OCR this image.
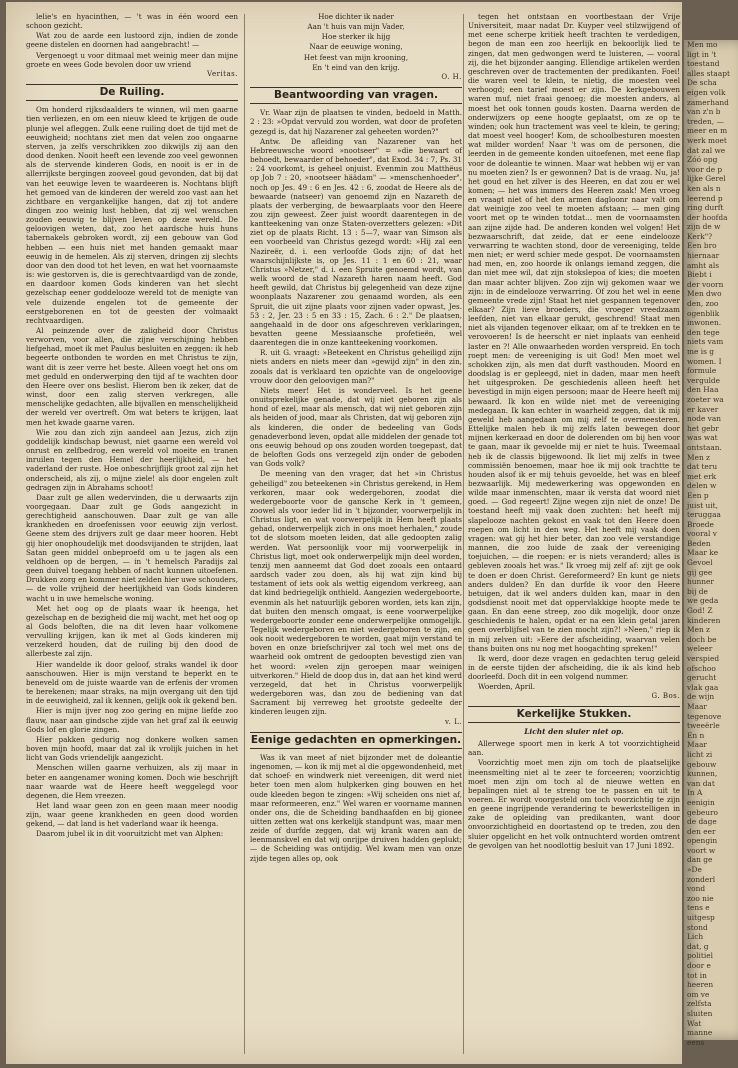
lelie's en hyacinthen, — 't was in één woord een schoon gezicht.

Wat zou de aarde een lustoord zijn, indien de zonde geene distelen en doornen had aangebracht! —

Vergenoegt u voor ditmaal met weinig meer dan mijne groete en wees Gode bevolen door uw vriend

Veritas.
De Ruiling.

Om honderd rijksdaalders te winnen, wil men gaarne tien verliezen, en om een nieuw kleed te krijgen de oude plunje wel afleggen. Zulk eene ruiling doet de tijd met de eeuwigheid; nochtans ziet men dat velen zoo ongaarne sterven, ja zelfs verschrikken zoo dikwijls zij aan den dood denken. Nooit heeft een levende zoo veel gewonnen als de stervende kinderen Gods, en nooit is er in de allerrijkste bergingen zooveel goud gevonden, dat bij dat van het eeuwige leven te waardeeren is. Nochtans blijft het gemoed van de kinderen der wereld zoo vast aan het zichtbare en vergankelijke hangen, dat zij tot andere dingen zoo weinig lust hebben, dat zij wel wenschen zouden eeuwig te blijven leven op deze wereld. De geloovigen weten, dat, zoo het aardsche huis huns tabernakels gebroken wordt, zij een gebouw van God hebben — een huis niet met handen gemaakt maar eeuwig in de hemelen. Als zij sterven, dringen zij slechts door van den dood tot het leven, en wat het voornaamste is: wie gestorven is, die is gerechtvaardigd van de zonde, en daardoor komen Gods kinderen van het slecht gezelschap eener goddelooze wereld tot de menigte van vele duizende engelen tot de gemeente der eerstgeborenen en tot de geesten der volmaakt rechtvaardigen.

Al peinzende over de zaligheid door Christus verworven, voor allen, die zijne verschijning hebben liefgehad, moet ik met Paulus besluiten en zeggen: ik heb begeerte ontbonden te worden en met Christus te zijn, want dit is zeer verre het beste. Alleen voegt het ons om met geduld en onderwerping den tijd af te wachten door den Heere over ons beslist. Hierom ben ik zeker, dat de winst, door een zalig sterven verkregen, alle menschelijke gedachten, alle bijvallen en menschelijkheid der wereld ver overtreft. Om wat beters te krijgen, laat men het kwade gaarne varen.

Wie zou dan zich zijn aandeel aan Jezus, zich zijn goddelijk kindschap bewust, niet gaarne een wereld vol onrust en zelfbedrog, een wereld vol moeite en tranen inruilen tegen den Hemel der heerlijkheid, — het vaderland der ruste. Hoe onbeschrijflijk groot zal zijn het onderscheid, als zij, o mijne ziele! als door engelen zult gedragen zijn in Abrahams schoot!

Daar zult ge allen wedervinden, die u derwaarts zijn voorgegaan. Daar zult ge Gods aangezicht in gerechtigheid aanschouwen. Daar zult ge van alle krankheden en droefenissen voor eeuwig zijn verlost. Geene stem des drijvers zult ge daar meer hooren. Hebt gij hier onophoudelijk met doodsvijanden te strijden, laat Satan geen middel onbeproefd om u te jagen als een veldhoen op de bergen, — in 't hemelsch Paradijs zal geen duivel toegang hebben of nacht kunnen uitoefenen. Drukken zorg en kommer niet zelden hier uwe schouders, — de volle vrijheid der heerlijkheid van Gods kinderen wacht u in uwe hemelsche woning.

Met het oog op de plaats waar ik heenga, het gezelschap en de bezigheid die mij wacht, met het oog op al Gods beloften, die na dit leven haar volkomene vervulling krijgen, kan ik met al Gods kinderen mij verzekerd houden, dat de ruiling bij den dood de allerbeste zal zijn.

Hier wandelde ik door geloof, straks wandel ik door aanschouwen. Hier is mijn verstand te beperkt en te beneveld om de juiste waarde van de erfenis der vromen te berekenen; maar straks, na mijn overgang uit den tijd in de eeuwigheid, zal ik kennen, gelijk ook ik gekend ben.

Hier is mijn ijver nog zoo gering en mijne liefde zoo flauw, naar aan gindsche zijde van het graf zal ik eeuwig Gods lof en glorie zingen.

Hier pakken gedurig nog donkere wolken samen boven mijn hoofd, maar dat zal ik vrolijk juichen in het licht van Gods vriendelijk aangezicht.

Menschen willen gaarne verhuizen, als zij maar in beter en aangenamer woning komen. Doch wie beschrijft naar waarde wat de Heere heeft weggelegd voor degenen, die Hem vreezen.

Het land waar geen zon en geen maan meer noodig zijn, waar geene krankheden en geen dood worden gekend, — dat land is het vaderland waar ik heenga.

Daarom jubel ik in dit vooruitzicht met van Alphen:

Hoe dichter ik nader

Aan 't huis van mijn Vader,

Hoe sterker ik hijg

Naar de eeuwige woning,

Het feest van mijn krooning,

En 't eind van den krijg.

O. H.
Beantwoording van vragen.

Vr. Waar zijn de plaatsen te vinden, bedoeld in Matth. 2 : 23: »Opdat vervuld zou worden, wat door de profeten gezegd is, dat hij Nazarener zal geheeten worden?"

Antw. De afleiding van Nazarener van het Hebreeuwsche woord »nootseer" = »die bewaart of behoedt, bewaarder of behoeder", dat Exod. 34 : 7, Ps. 31 : 24 voorkomt, is geheel onjuist. Evenmin zou Matthëus op Job 7 : 20, »nootseer häädam" — »menschenhoeder", noch op Jes. 49 : 6 en Jes. 42 : 6, zoodat de Heere als de bewaarde (natseer) van genoemd zijn en Nazareth de plaats der verberging, de bewaarplaats voor den Heere zou zijn geweest. Zeer juist woordt daarentegen in de kantteekening van onze Staten-overzetters gelezen: »Dit ziet op de plaats Richt. 13 : 5—7, waar van Simson als een voorbeeld van Christus gezegd wordt: »Hij zal een Nazireër, d. i. een verloofde Gods zijn; of dat het waarschijnlijkste is, op Jes. 11 : 1 en 60 : 21, waar Christus »Netzer," d. i. een Spruite genoemd wordt, van welk woord de stad Nazareth haren naam heeft. God heeft gewild, dat Christus bij gelegenheid van deze zijne woonplaats Nazarener zou genaamd worden, als een Spruit, die uit zijne plaats voor zijnen vader opwast, Jes. 53 : 2, Jer. 23 : 5 en 33 : 15, Zach. 6 : 2." De plaatsen, aangehaald in de door ons afgeschreven verklaringen, bevatten geene Messiaansche profetieën, wel daarentegen die in onze kantteekening voorkomen.

R. uit G. vraagt: »Beteekent en Christus geheiligd zijn niets anders en niets meer dan »gewijd zijn" in den zin, zooals dat is verklaard ten opzichte van de ongeloovige vrouw door den geloovigen man?"

Niets meer! Het is wonderveel. Is het geene onuitsprekelijke genade, dat wij niet geboren zijn als hond of ezel, maar als mensch, dat wij niet geboren zijn als heiden of jood, maar als Christen, dat wij geboren zijn als kinderen, die onder de bedeeling van Gods genadeverbond leven, opdat alle middelen der genade tot ons eeuwig behoud op ons zouden worden toegepast, dat de beloften Gods ons verzegeld zijn onder de geboden van Gods volk?

De meening van den vrager, dat het »in Christus geheiligd" zou beteekenen »in Christus gerekend, in Hem verkoren, maar ook wedergeboren, zoodat die wedergeboorte voor de gansche Kerk in 't gemeen, zoowel als voor ieder lid in 't bijzonder, voorwerpelijk in Christus ligt, en wat voorwerpelijk in Hem heeft plaats gehad, onderwerpelijk zich in ons moet herhalen," zoude tot de slotsom moeten leiden, dat alle gedoopten zalig werden. Wat persoonlijk voor mij voorwerpelijk in Christus ligt, moet ook onderwerpelijk mijn deel worden, tenzij men aanneemt dat God doet zooals een ontaard aardsch vader zou doen, als hij wat zijn kind bij testament of iets ook als wettig eigendom verkreeg, aan dat kind bedriegelijk onthield. Aangezien wedergeboorte, evenmin als het natuurlijk geboren worden, iets kan zijn, dat buiten den mensch omgaat, is eene voorwerpelijke wedergeboorte zonder eene onderwerpelijke onmogelijk. Tegelijk wedergeboren en niet wedergeboren te zijn, en ook nooit wedergeboren te worden, gaat mijn verstand te boven en onze briefschrijver zal toch wel met ons de waarheid ook omtrent de gedoopten bevestigd zien van het woord: »velen zijn geroepen maar weinigen uitverkoren." Hield de doop dus in, dat aan het kind werd verzegeld, dat het in Christus voorwerpelijk wedergeboren was, dan zou de bediening van dat Sacrament bij verreweg het grootste gedeelte der kinderen leugen zijn.

v. L.
Eenige gedachten en opmerkingen.

Was ik van meet af niet bijzonder met de doleantie ingenomen, — kon ik mij met al die opgewondenheid, met dat schoef- en windwerk niet vereenigen, dit werd niet beter toen men alom hulpkerken ging bouwen en het oude kleeden begon te zingen: »Wij scheiden ons niet af, maar reformeeren, enz." Wel waren er voorname mannen onder ons, die de Scheiding bandhaafden en bij gionee uitten zetten wat ons kerkelijk standpunt was, maar men zeide of durfde zeggen, dat wij krank waren aan de leenmanskvel en dat wij onrijpe druiven hadden geplukt; — de Scheiding was ontijdig. Wel kwam men van onze zijde tegen alles op, ook

tegen het ontstaan en voortbestaan der Vrije Universiteit, maar nadat Dr. Kuyper veel stilzwijgend of met eene scherpe kritiek heeft trachten te verdedigen, begon de man een zoo heerlijk en bekoorlijk lied te zingen, dat men gedwongen werd te luisteren, — vooral zij, die het bijzonder aanging. Ellendige artikelen werden geschreven over de tractementen der predikanten. Foei! die waren veel te klein, te nietig, die moesten veel verhoogd; een tarief moest er zijn. De kerkgebouwen waren muf, niet fraai genoeg; die moesten anders, al moest het ook tonnen gouds kosten. Daarna werden de onderwijzers op eene hoogte geplaatst, om ze op te winden; ook hun tractement was veel te klein, te gering; dat moest veel hooger! Kom, de schoolbesturen moesten wat milder worden! Naar 't was om de personen, die leerden in de gemeente konden uitoefenen, met eene flap voor de doleantie te winnen. Maar wat hebben wij er van nu moeten zien? Is er gewonnen? Dat is de vraag. Nu, ja! het goud en het zilver is des Heeren, en dat zou er wel komen; — het was immers des Heeren zaak! Men vroeg en vraagt niet of het den armen dagloonr naar valt om dat weinigje zoo veel te moeten afstaan; — men ging voort met op te winden totdat… men de voornaamsten aan zijne zijde had. De anderen konden wel volgen! Het bezwaarschrift, dat zeide, dat er eene eindelooze verwarring te wachten stond, door de vereeniging, telde men niet; er werd schier mede gespot. De voornaamsten had men, en, zoo hoorde ik onlangs iemand zeggen, die dan niet mee wil, dat zijn stokslepoa of kies; die moeten dan maar achter blijven. Zoo zijn wij gekomen waar we zijn: in de eindelooze verwarring. Of zou het wel in eene gemeente vrede zijn! Staat het niet gespannen tegenover elkaar? Zijn lieve broeders, die vroeger vreedzaam leefden, niet van elkaar gerukt, geschrend! Staat men niet als vijanden tegenover elkaar, om af te trekken en te verovoeren! Is de heerscht er niet inplaats van eenheid laster en ?! Alle onwaarheden worden verspreid. En toch roept men: de vereeniging is uit God! Men moet wel schokken zijn, als men dat durft vasthouden. Moord en doodslag is er gepleegd, niet in daden, maar men heeft het uitgesproken. De geschiedenis alleen heeft het bevestigd in mijn eigen persoon; maar de Heere heeft mij bewaard. Ik kon en wilde niet met de vereeniging medegaan. Ik kan echter in waarheid zeggen, dat ik mij geweld heb aangedaan om mij zelf te overmeesteren. Ettelijke malen heb ik mij zelfs laten bewegen door mijnen kerkeraad en door de dolerenden om bij hen voor te gaan, maar ik gevoelde mij er niet te huis. Tweemaal heb ik de classis bijgewoond. Ik liet mij zelfs in twee commissiën benoemen, maar hoe ik mij ook trachtte te houden alsof ik er mij tehuis gevoelde, het was en bleef bezwaarlijk. Mij medewerkering was opgewonden en wilde maar inmenschten, maar ik versta dat woord niet goed. — God regeert! Zijne wegen zijn niet de onze! De toestand heeft mij vaak doen zuchten: het heeft mij slapelooze nachten gekost en vaak tot den Heere doen roepen om licht in den weg. Het heeft mij vaak doen vragen: wat gij het hier beter, dan zoo vele verstandige mannen, die zoo luide de zaak der vereeniging toejuichen, — die roepen: er is niets veranderd; alles is gebleven zooals het was." Ik vroeg mij zelf af: zijt ge ook te doen er doen Christ. Gereformeerd? En kunt ge niets anders dulden? En dan durfde ik voor den Heere betuigen, dat ik wel anders dulden kan, maar in den godsdienst nooit met dat oppervlakkige hoopte mede te gaan. En dan eene streep, zoo dik mogelijk, door onze geschiedenis te halen, opdat er na een klein getal jaren geen overblijfsel van te zien mocht zijn?! »Neen," riep ik in mij zelven uit: »Eere der afscheiding, waarvan velen thans buiten ons nu nog met hoogachting spreken!"

Ik werd, door deze vragen en gedachten terug geleid in de eerste tijden der afscheiding, die ik als kind heb doorleefd. Doch dit in een volgend nummer.

Woerden, April.

G. Bos.
Kerkelijke Stukken.
Licht den sluier niet op.

Allerwege spoort men in kerk A tot voorzichtigheid aan.

Voorzichtig moet men zijn om toch de plaatselijke ineensmelting niet al te zeer te forceeren; voorzichtig moet men zijn om toch al de nieuwe wetten en bepalingen niet al te streng toe te passen en uit te voeren. Er wordt voorgesteld om toch voorzichtig te zijn en geene ingrijpende verandering te bewerkstelligen in zake de opleiding van predikanten, want door onvoorzichtigheid en doortastend op te treden, zou den sluier opgelicht en het volk ontnuchterd worden omtrent de gevolgen van het noodlottig besluit van 17 Juni 1892.

Men mo

ligt in 't

toestand

alles staapt

De scha

eigen volk

zamerhand

van z'n b

treden, —

meer en m

werk moet

dat zal we

Zóó opg

voor de p

lijke Gerel

ken als n

leerend p

ring durft

der hoofda

zijn de w

Kerk"?

Een bro

hiernaar

amht als

Biebt i

der voorn

Men dwo

den, zoo

ogenblik

inwonen.

den tege

niets vam

me is g

women. I

formule

vergulde

den Haa

zoeter wa

er kaver

node van

het gebr

was wat

ontstaan.

Men z

dat teru

met erk

delen w

Een p

juist uit,

teruggaa

Broede

vooral v

Beden

Maar ke

Gevoel

gij gee

hunner

bij de

we geda

God! Z

kinderen

Men z

doch be

weleer

verspied

ofschoo

gerucht

vlak gaa

de wijn

Maar

tegenove

tweeërle

En n

Maar

licht zi

gebouw

kunnen,

van dat

In A

eenigin

gebeuro

de dage

den eer

opengin

voort w

dan ge

»De

zonderl

vond

zoo nie

tens e

uitgesp

stond

Lich

dat, g

politiel

door e

tot in

heeren

om ve

zelfsta

sluiten

Wat

manne

eens
